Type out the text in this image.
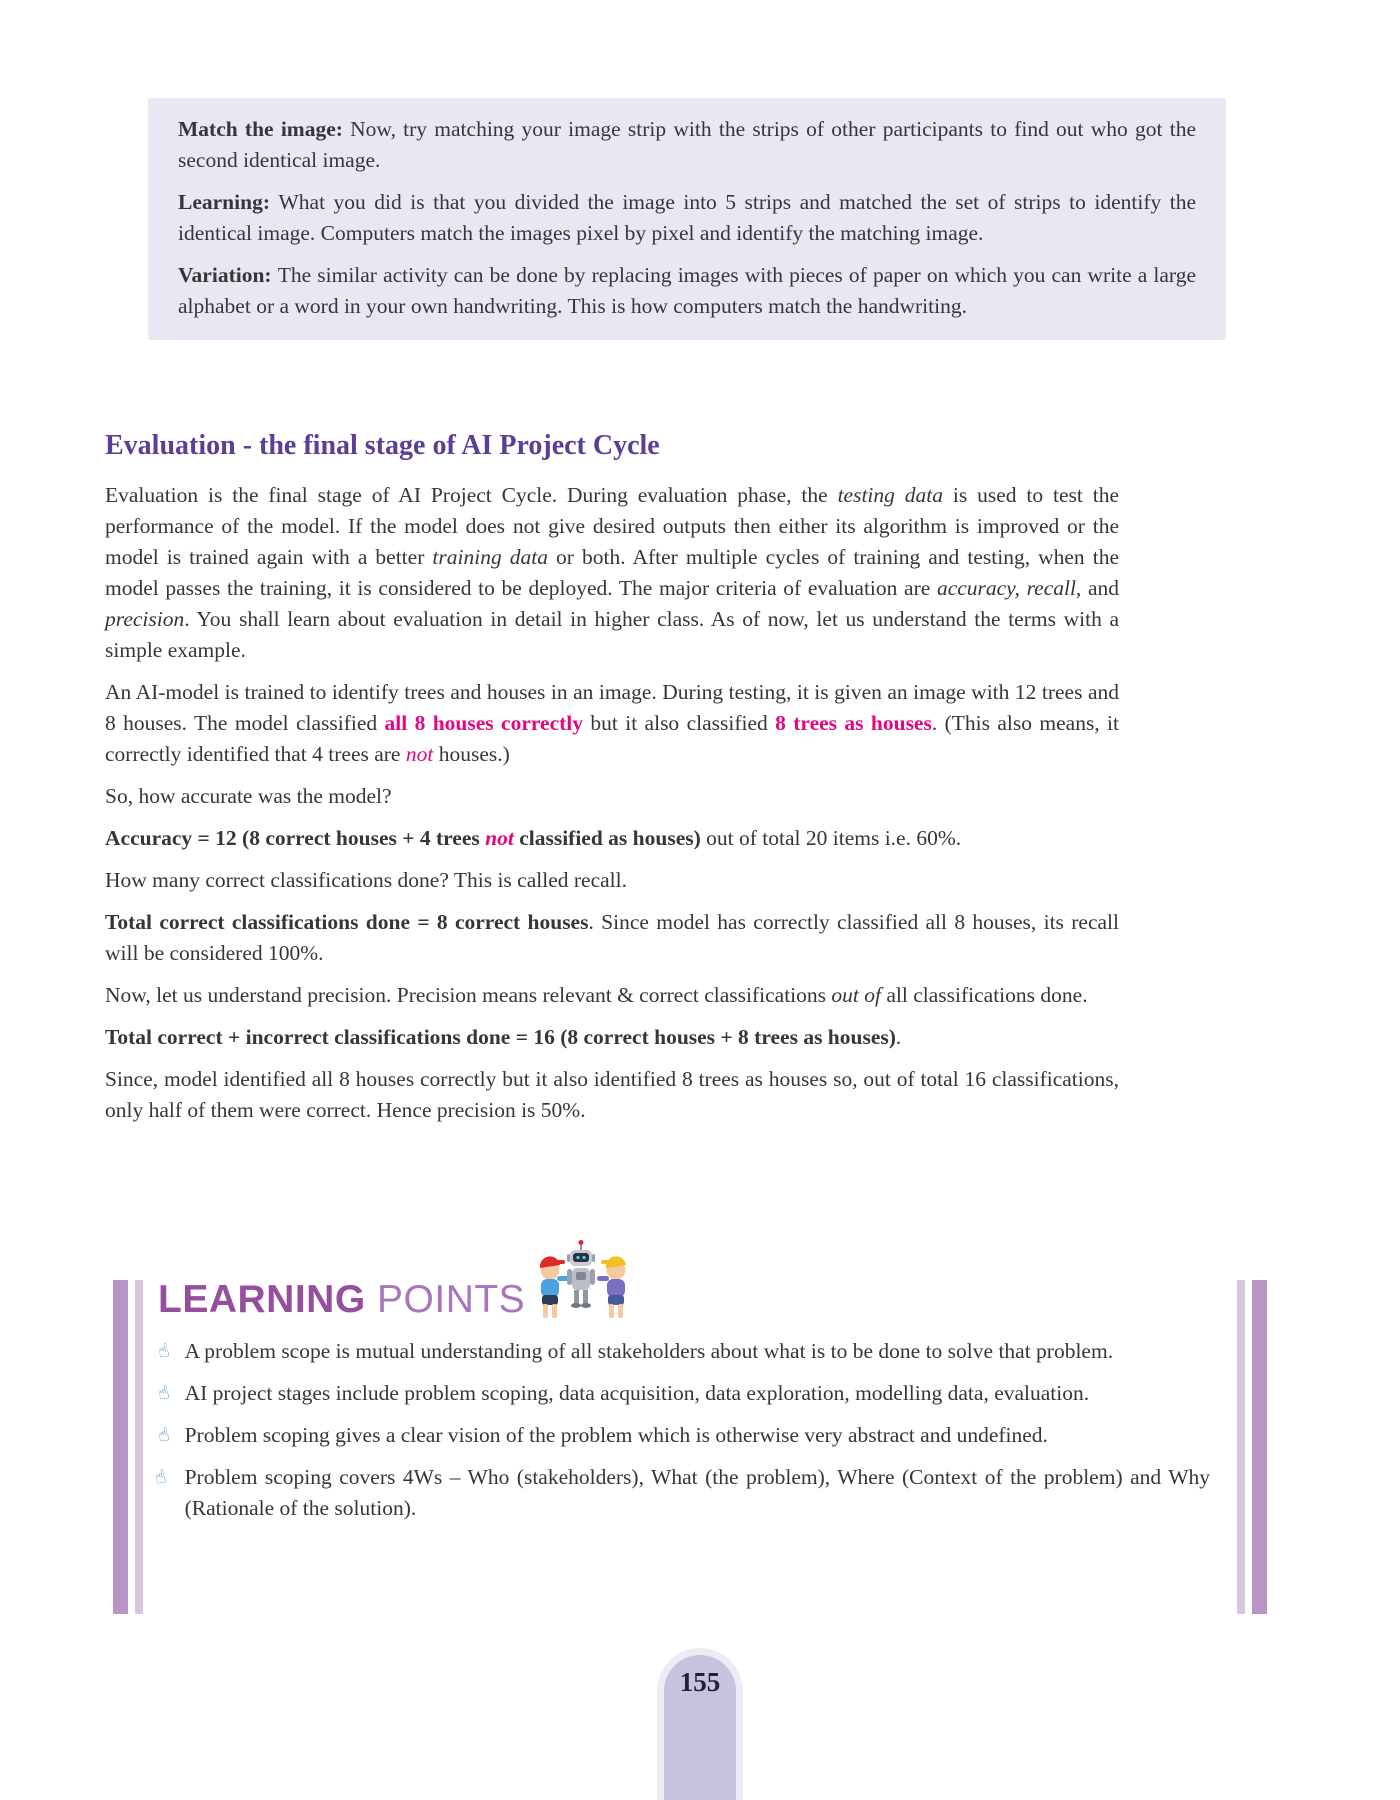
Match the image: Now, try matching your image strip with the strips of other participants to find out who got the second identical image.

Learning: What you did is that you divided the image into 5 strips and matched the set of strips to identify the identical image. Computers match the images pixel by pixel and identify the matching image.

Variation: The similar activity can be done by replacing images with pieces of paper on which you can write a large alphabet or a word in your own handwriting. This is how computers match the handwriting.

Evaluation - the final stage of AI Project Cycle

Evaluation is the final stage of AI Project Cycle. During evaluation phase, the testing data is used to test the performance of the model. If the model does not give desired outputs then either its algorithm is improved or the model is trained again with a better training data or both. After multiple cycles of training and testing, when the model passes the training, it is considered to be deployed. The major criteria of evaluation are accuracy, recall, and precision. You shall learn about evaluation in detail in higher class. As of now, let us understand the terms with a simple example.

An AI-model is trained to identify trees and houses in an image. During testing, it is given an image with 12 trees and 8 houses. The model classified all 8 houses correctly but it also classified 8 trees as houses. (This also means, it correctly identified that 4 trees are not houses.)

So, how accurate was the model?

Accuracy = 12 (8 correct houses + 4 trees not classified as houses) out of total 20 items i.e. 60%.

How many correct classifications done? This is called recall.

Total correct classifications done = 8 correct houses. Since model has correctly classified all 8 houses, its recall will be considered 100%.

Now, let us understand precision. Precision means relevant & correct classifications out of all classifications done.

Total correct + incorrect classifications done = 16 (8 correct houses + 8 trees as houses).

Since, model identified all 8 houses correctly but it also identified 8 trees as houses so, out of total 16 classifications, only half of them were correct. Hence precision is 50%.

LEARNING POINTS
☝ A problem scope is mutual understanding of all stakeholders about what is to be done to solve that problem.
☝ AI project stages include problem scoping, data acquisition, data exploration, modelling data, evaluation.
☝ Problem scoping gives a clear vision of the problem which is otherwise very abstract and undefined.
☝ Problem scoping covers 4Ws – Who (stakeholders), What (the problem), Where (Context of the problem) and Why (Rationale of the solution).
155
